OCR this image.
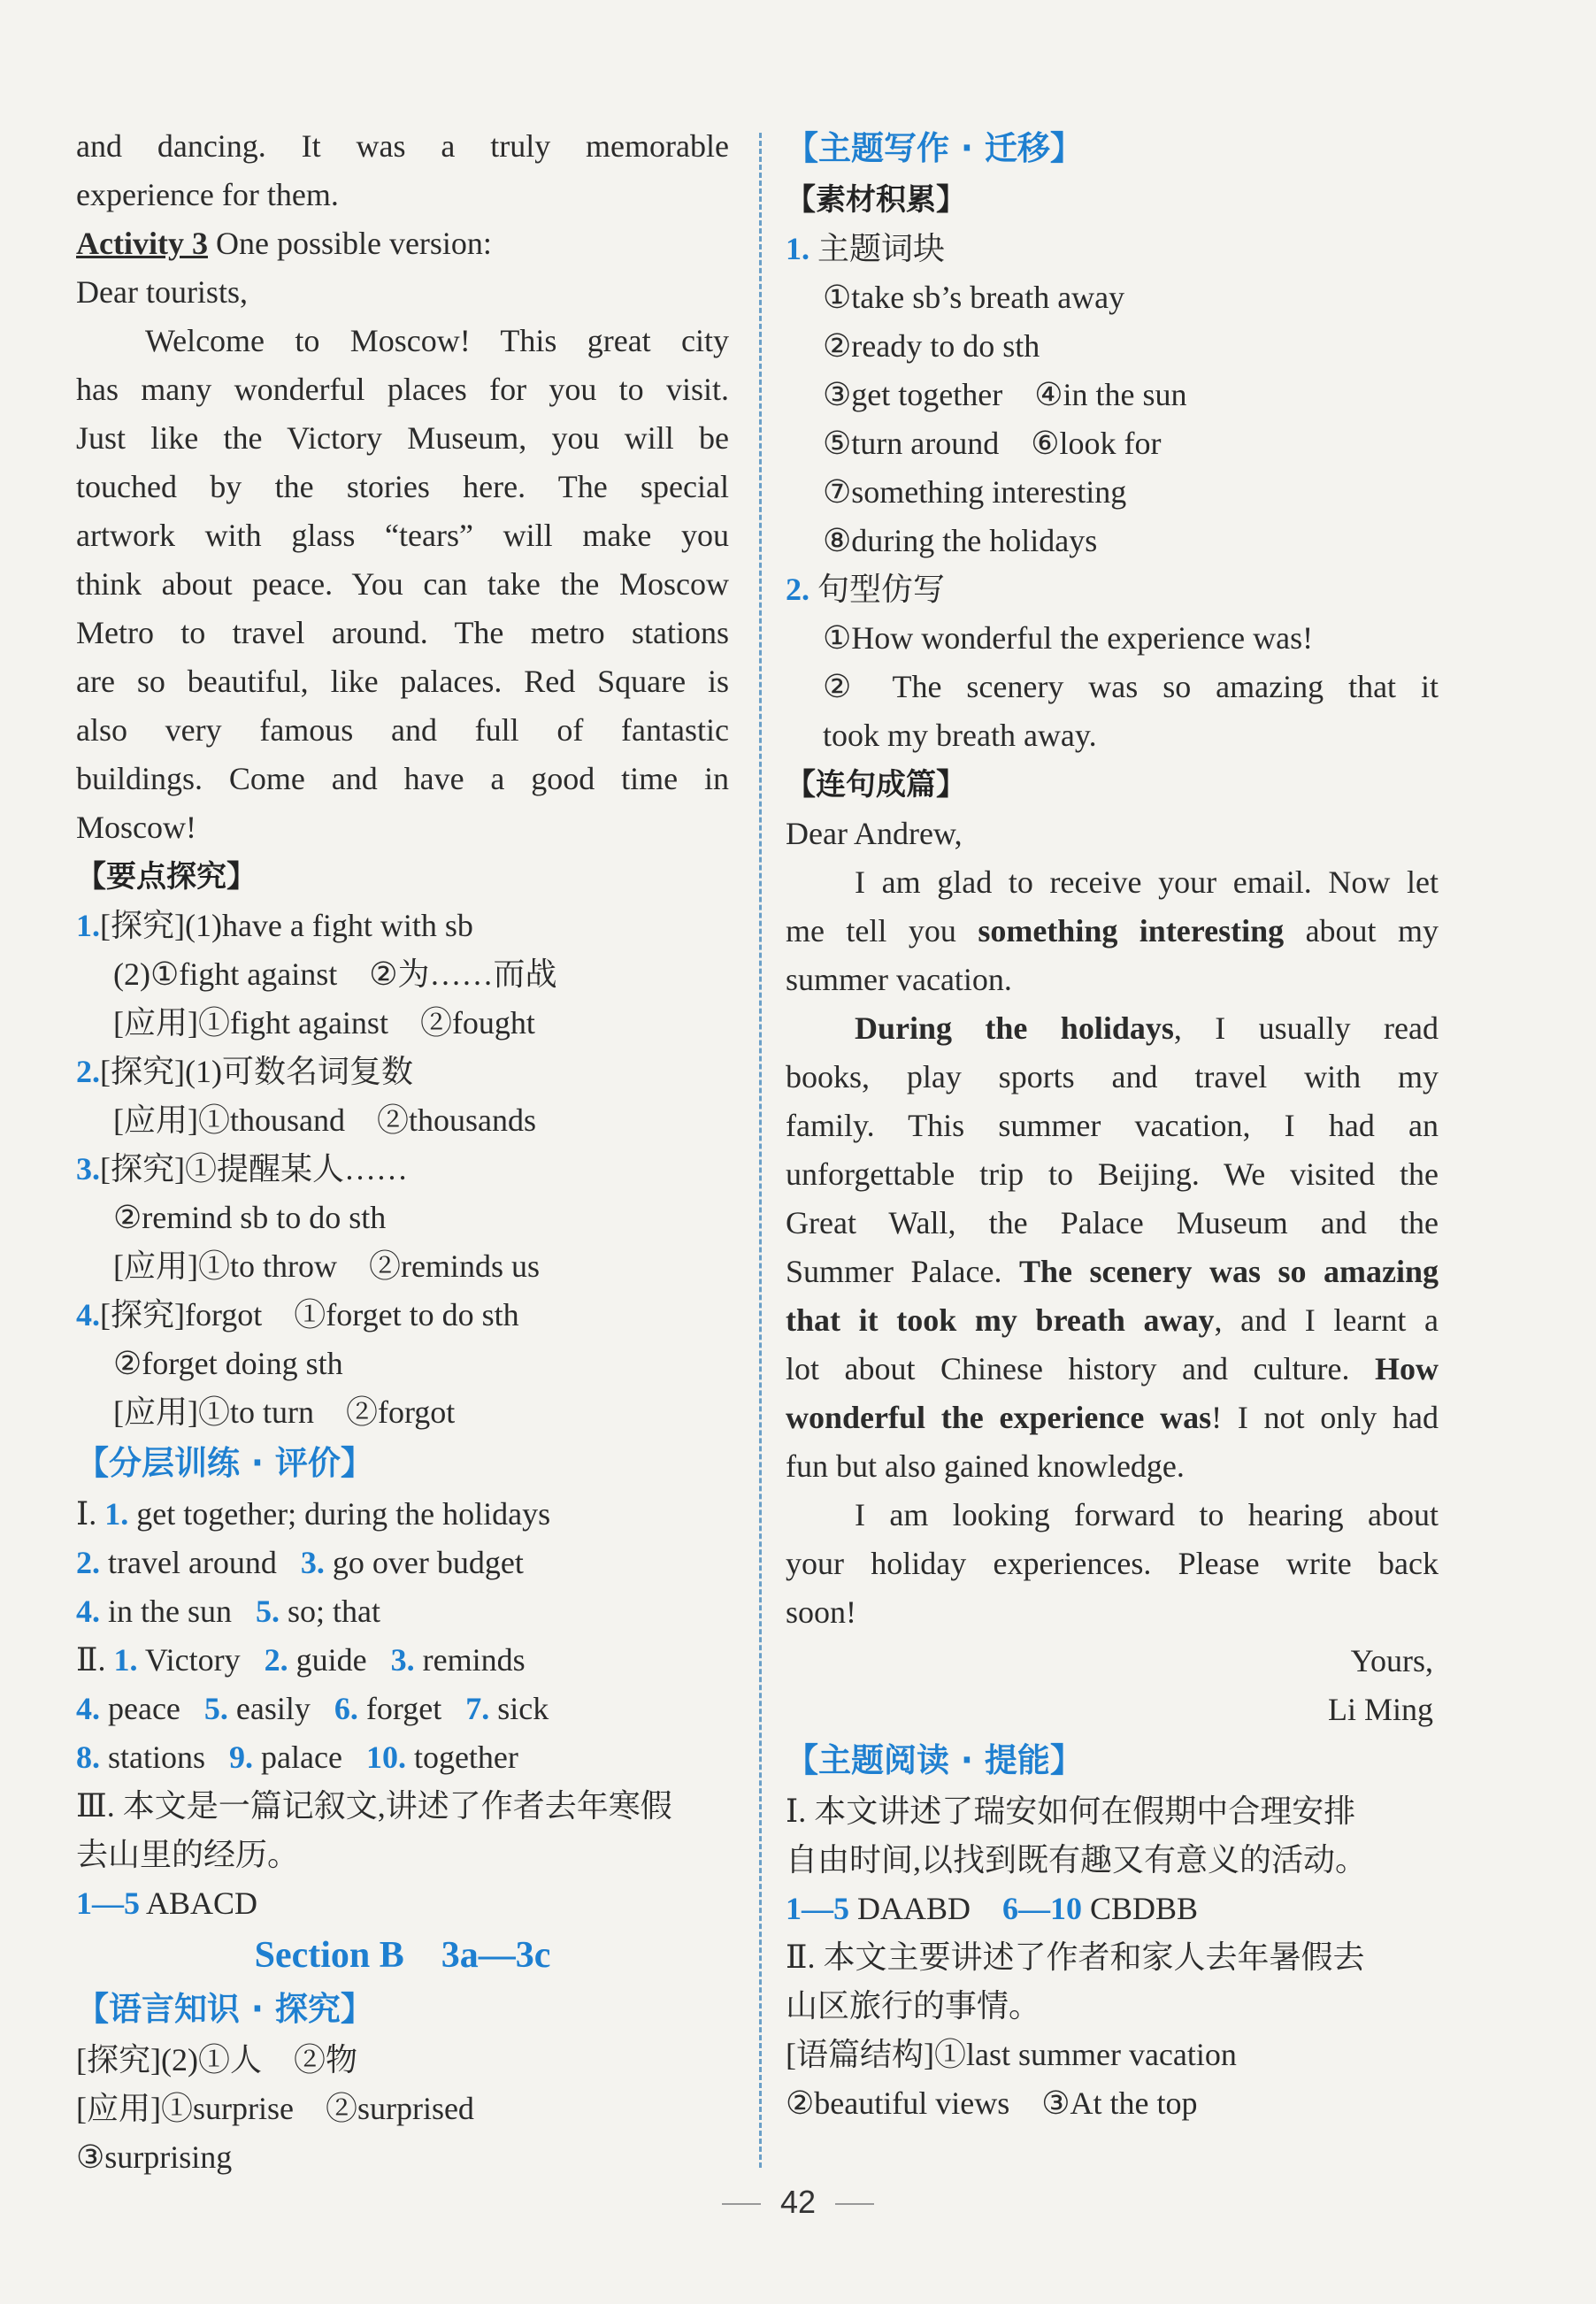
and dancing. It was a truly memorable
experience for them.
Activity 3 One possible version:
Dear tourists,
Welcome to Moscow! This great city
has many wonderful places for you to visit.
Just like the Victory Museum, you will be
touched by the stories here. The special
artwork with glass “tears” will make you
think about peace. You can take the Moscow
Metro to travel around. The metro stations
are so beautiful, like palaces. Red Square is
also very famous and full of fantastic
buildings. Come and have a good time in
Moscow!
【要点探究】
1.[探究](1)have a fight with sb
(2)①fight against　②为……而战
[应用]①fight against　②fought
2.[探究](1)可数名词复数
[应用]①thousand　②thousands
3.[探究]①提醒某人……
②remind sb to do sth
[应用]①to throw　②reminds us
4.[探究]forgot　①forget to do sth
②forget doing sth
[应用]①to turn　②forgot
【分层训练 · 评价】
Ⅰ. 1. get together; during the holidays
2. travel around 3. go over budget
4. in the sun 5. so; that
Ⅱ. 1. Victory 2. guide 3. reminds
4. peace 5. easily 6. forget 7. sick
8. stations 9. palace 10. together
Ⅲ. 本文是一篇记叙文,讲述了作者去年寒假
去山里的经历。
1—5 ABACD
Section B　3a—3c
【语言知识 · 探究】
[探究](2)①人　②物
[应用]①surprise　②surprised
③surprising
【主题写作 · 迁移】
【素材积累】
1. 主题词块
①take sb’s breath away
②ready to do sth
③get together　④in the sun
⑤turn around　⑥look for
⑦something interesting
⑧during the holidays
2. 句型仿写
①How wonderful the experience was!
② The scenery was so amazing that it
took my breath away.
【连句成篇】
Dear Andrew,
I am glad to receive your email. Now let
me tell you something interesting about my
summer vacation.
During the holidays, I usually read
books, play sports and travel with my
family. This summer vacation, I had an
unforgettable trip to Beijing. We visited the
Great Wall, the Palace Museum and the
Summer Palace. The scenery was so amazing
that it took my breath away, and I learnt a
lot about Chinese history and culture. How
wonderful the experience was! I not only had
fun but also gained knowledge.
I am looking forward to hearing about
your holiday experiences. Please write back
soon!
Yours,
Li Ming
【主题阅读 · 提能】
Ⅰ. 本文讲述了瑞安如何在假期中合理安排
自由时间,以找到既有趣又有意义的活动。
1—5 DAABD 6—10 CBDBB
Ⅱ. 本文主要讲述了作者和家人去年暑假去
山区旅行的事情。
[语篇结构]①last summer vacation
②beautiful views　③At the top
42
